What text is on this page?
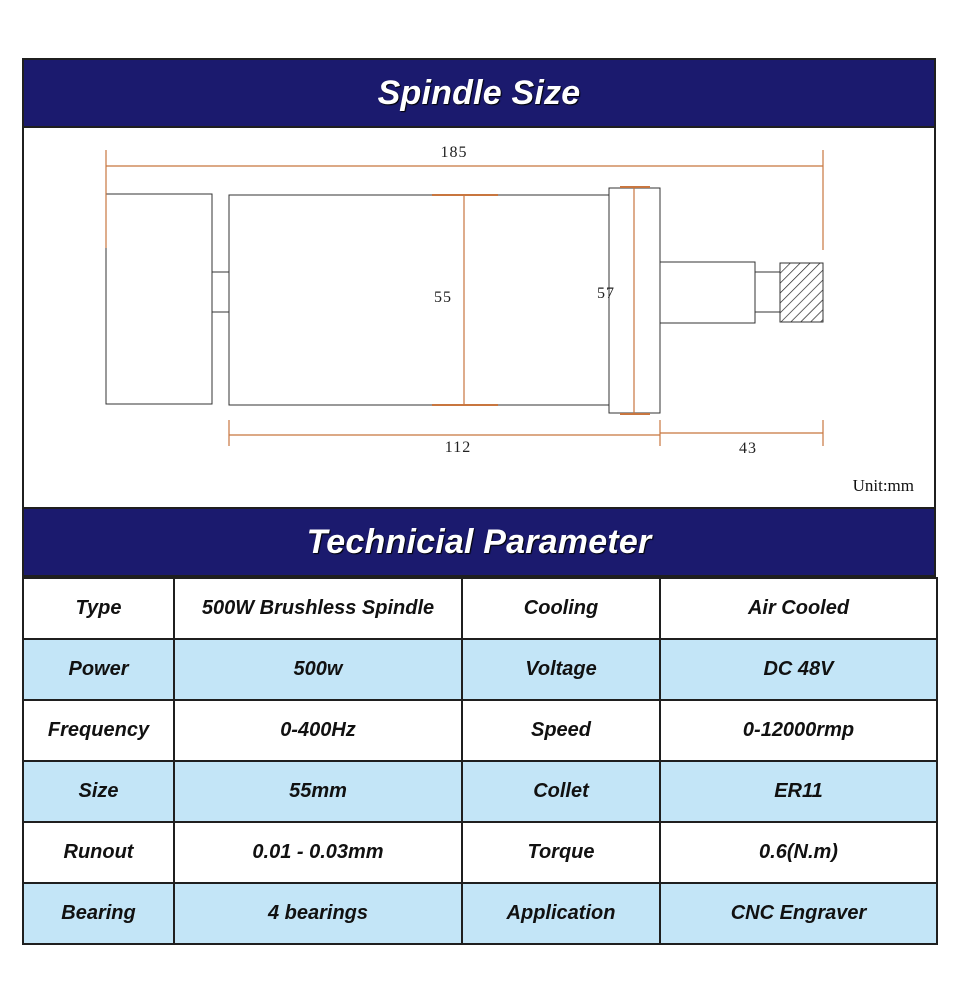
Spindle Size
185
112	43
55	57
Unit:mm
Technicial Parameter
Type	500W Brushless Spindle	Cooling	Air Cooled
Power	500w	Voltage	DC 48V
Frequency	0-400Hz	Speed	0-12000rmp
Size	55mm	Collet	ER11
Runout	0.01 - 0.03mm	Torque	0.6(N.m)
Bearing	4 bearings	Application	CNC Engraver
